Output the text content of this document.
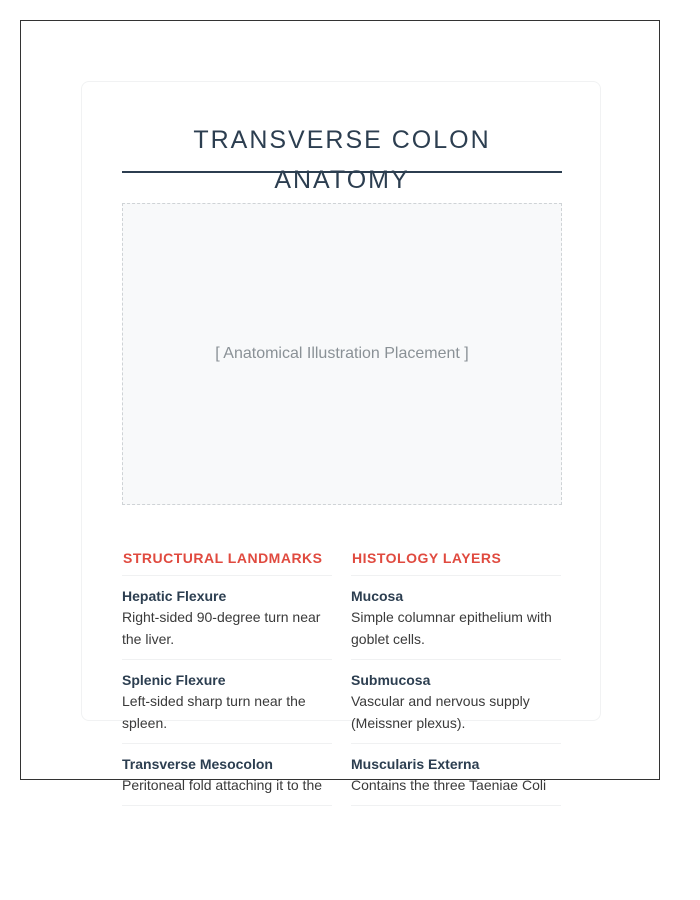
TRANSVERSE COLON ANATOMY
[ Anatomical Illustration Placement ]
STRUCTURAL LANDMARKS
Hepatic Flexure
Right-sided 90-degree turn near the liver.
Splenic Flexure
Left-sided sharp turn near the spleen.
Transverse Mesocolon
Peritoneal fold attaching it to the
HISTOLOGY LAYERS
Mucosa
Simple columnar epithelium with goblet cells.
Submucosa
Vascular and nervous supply (Meissner plexus).
Muscularis Externa
Contains the three Taeniae Coli
